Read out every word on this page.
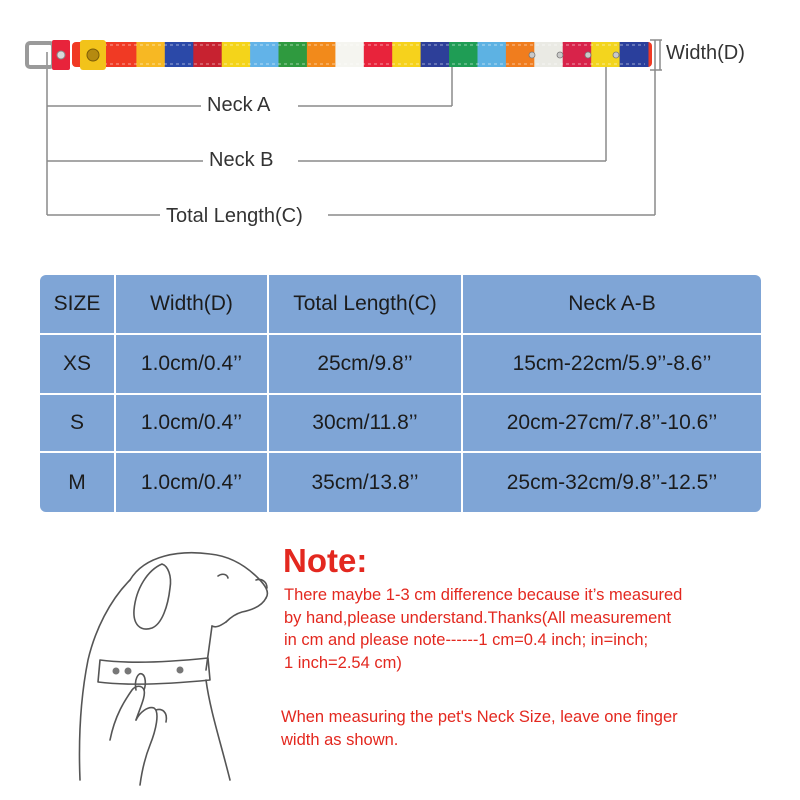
Neck A
Neck B
Total Length(C)
Width(D)
SIZE	Width(D)	Total Length(C)	Neck A-B
XS	1.0cm/0.4’’	25cm/9.8’’	15cm-22cm/5.9’’-8.6’’
S	1.0cm/0.4’’	30cm/11.8’’	20cm-27cm/7.8’’-10.6’’
M	1.0cm/0.4’’	35cm/13.8’’	25cm-32cm/9.8’’-12.5’’
Note:
There maybe 1-3 cm difference because it’s measured
by hand,please understand.Thanks(All measurement
in cm and please note------1 cm=0.4 inch; in=inch;
1 inch=2.54 cm)
When measuring the pet's Neck Size, leave one finger
width as shown.
